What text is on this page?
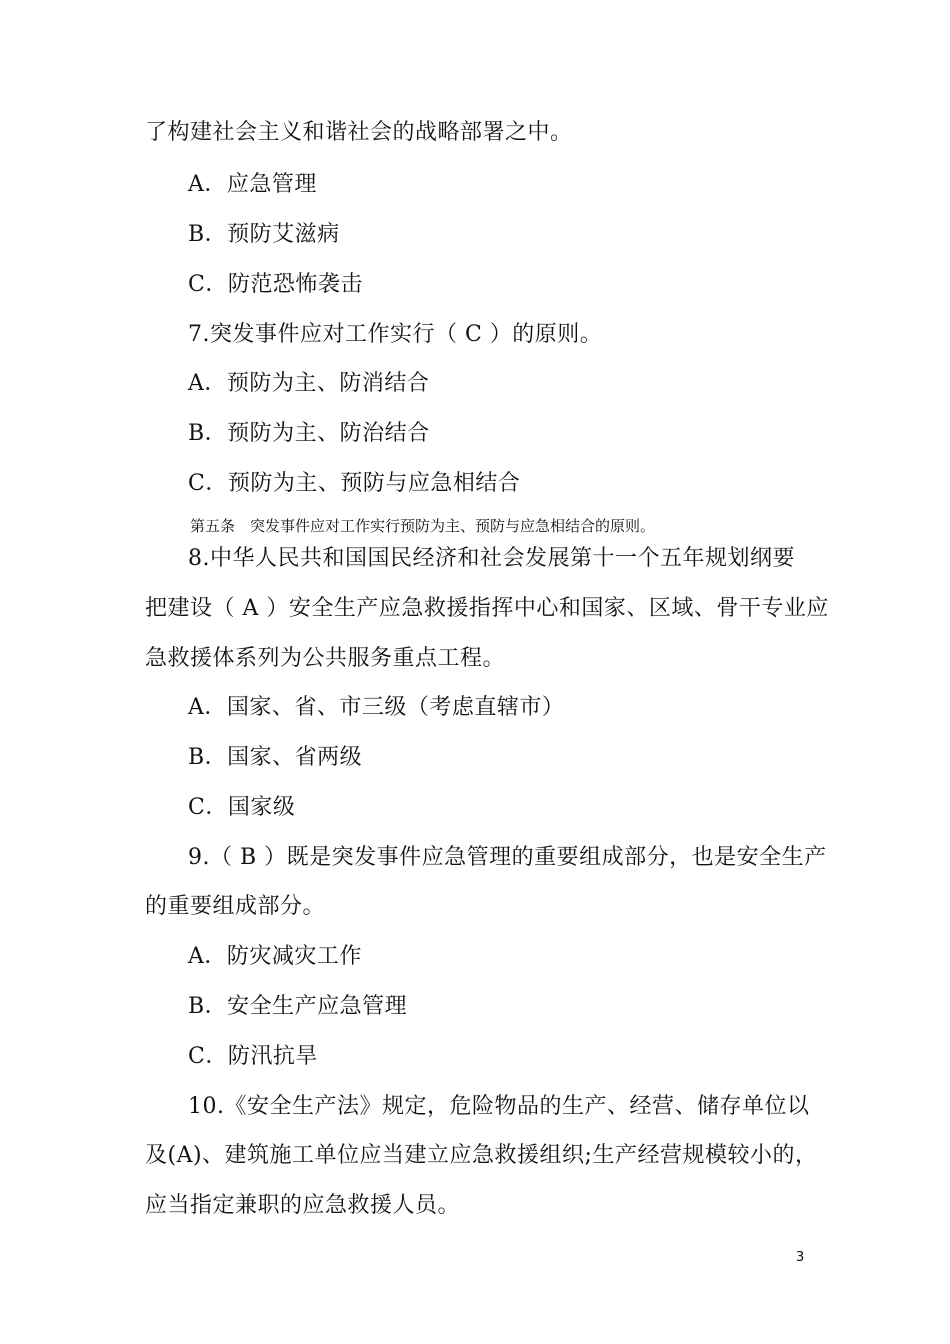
了构建社会主义和谐社会的战略部署之中。
A．应急管理
B．预防艾滋病
C．防范恐怖袭击
7.突发事件应对工作实行（ C ）的原则。
A．预防为主、防消结合
B．预防为主、防治结合
C．预防为主、预防与应急相结合
第五条　突发事件应对工作实行预防为主、预防与应急相结合的原则。
8.中华人民共和国国民经济和社会发展第十一个五年规划纲要
把建设（ A ）安全生产应急救援指挥中心和国家、区域、骨干专业应
急救援体系列为公共服务重点工程。
A．国家、省、市三级（考虑直辖市）
B．国家、省两级
C．国家级
9.（ B ）既是突发事件应急管理的重要组成部分，也是安全生产
的重要组成部分。
A．防灾减灾工作
B．安全生产应急管理
C．防汛抗旱
10.《安全生产法》规定，危险物品的生产、经营、储存单位以
及(A)、建筑施工单位应当建立应急救援组织;生产经营规模较小的，
应当指定兼职的应急救援人员。
3
